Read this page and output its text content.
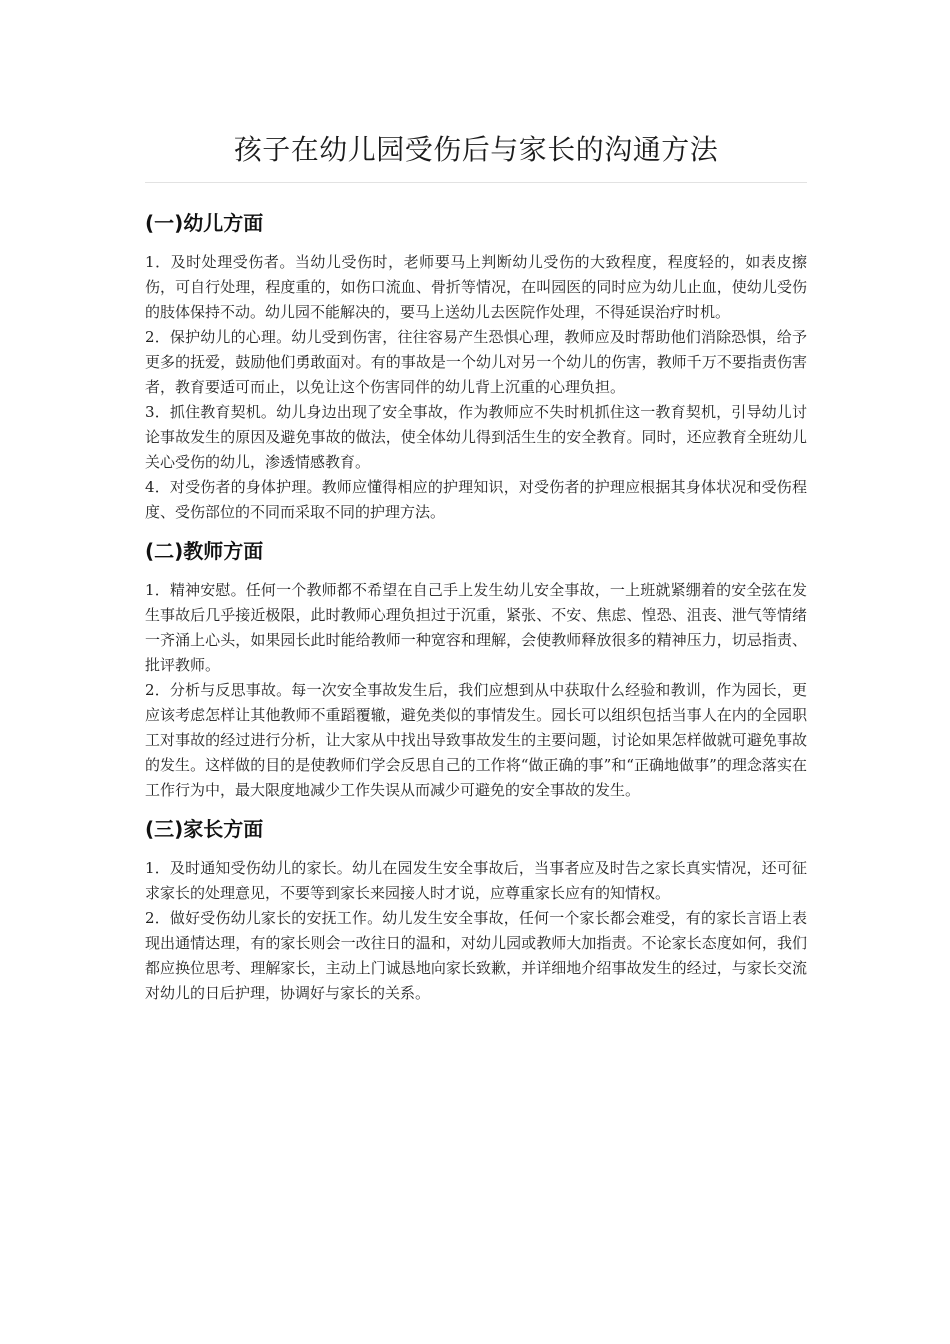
孩子在幼儿园受伤后与家长的沟通方法
(一)幼儿方面

1．及时处理受伤者。当幼儿受伤时，老师要马上判断幼儿受伤的大致程度，程度轻的，如表皮擦伤，可自行处理，程度重的，如伤口流血、骨折等情况，在叫园医的同时应为幼儿止血，使幼儿受伤的肢体保持不动。幼儿园不能解决的，要马上送幼儿去医院作处理，不得延误治疗时机。

2．保护幼儿的心理。幼儿受到伤害，往往容易产生恐惧心理，教师应及时帮助他们消除恐惧，给予更多的抚爱，鼓励他们勇敢面对。有的事故是一个幼儿对另一个幼儿的伤害，教师千万不要指责伤害者，教育要适可而止，以免让这个伤害同伴的幼儿背上沉重的心理负担。

3．抓住教育契机。幼儿身边出现了安全事故，作为教师应不失时机抓住这一教育契机，引导幼儿讨论事故发生的原因及避免事故的做法，使全体幼儿得到活生生的安全教育。同时，还应教育全班幼儿关心受伤的幼儿，渗透情感教育。

4．对受伤者的身体护理。教师应懂得相应的护理知识，对受伤者的护理应根据其身体状况和受伤程度、受伤部位的不同而采取不同的护理方法。

(二)教师方面

1．精神安慰。任何一个教师都不希望在自己手上发生幼儿安全事故，一上班就紧绷着的安全弦在发生事故后几乎接近极限，此时教师心理负担过于沉重，紧张、不安、焦虑、惶恐、沮丧、泄气等情绪一齐涌上心头，如果园长此时能给教师一种宽容和理解，会使教师释放很多的精神压力，切忌指责、批评教师。

2．分析与反思事故。每一次安全事故发生后，我们应想到从中获取什么经验和教训，作为园长，更应该考虑怎样让其他教师不重蹈覆辙，避免类似的事情发生。园长可以组织包括当事人在内的全园职工对事故的经过进行分析，让大家从中找出导致事故发生的主要问题，讨论如果怎样做就可避免事故的发生。这样做的目的是使教师们学会反思自己的工作将“做正确的事”和“正确地做事”的理念落实在工作行为中，最大限度地减少工作失误从而减少可避免的安全事故的发生。

(三)家长方面

1．及时通知受伤幼儿的家长。幼儿在园发生安全事故后，当事者应及时告之家长真实情况，还可征求家长的处理意见，不要等到家长来园接人时才说，应尊重家长应有的知情权。

2．做好受伤幼儿家长的安抚工作。幼儿发生安全事故，任何一个家长都会难受，有的家长言语上表现出通情达理，有的家长则会一改往日的温和，对幼儿园或教师大加指责。不论家长态度如何，我们都应换位思考、理解家长，主动上门诚恳地向家长致歉，并详细地介绍事故发生的经过，与家长交流对幼儿的日后护理，协调好与家长的关系。
